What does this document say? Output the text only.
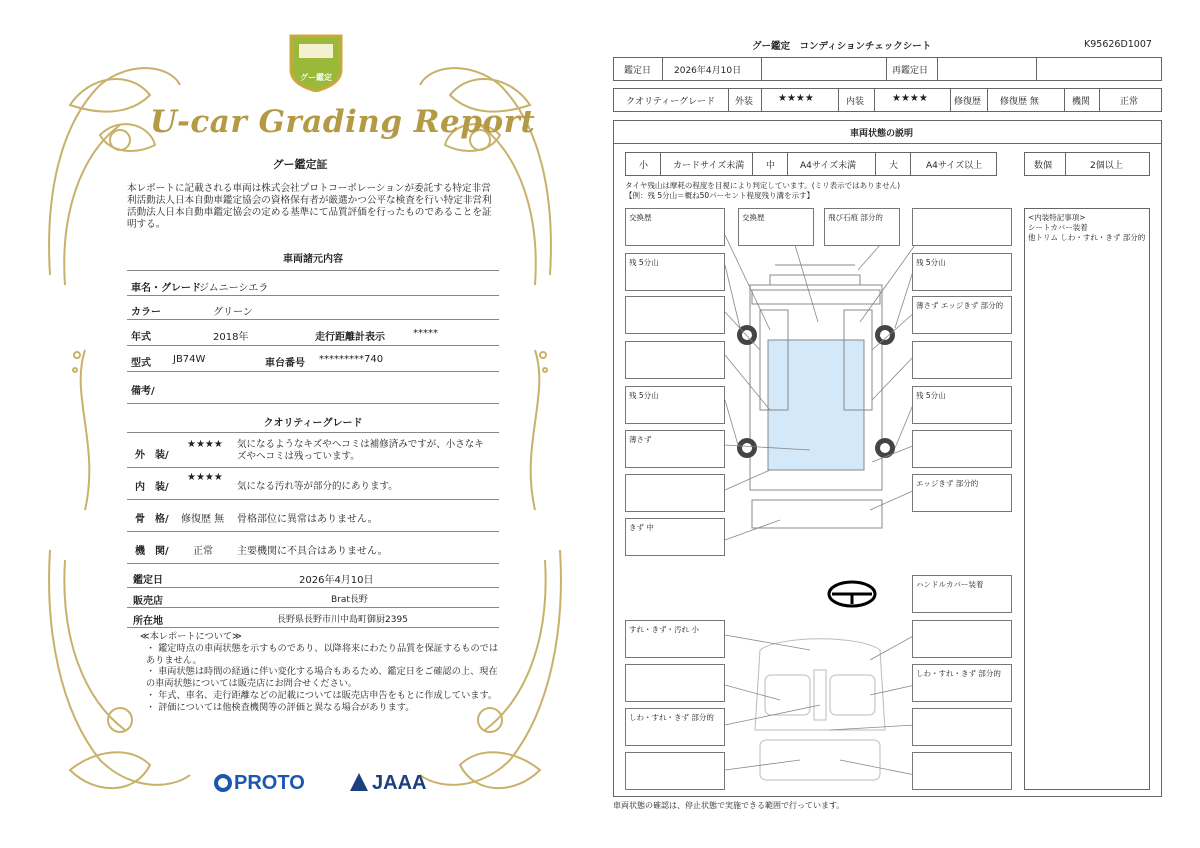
グー鑑定
U-car Grading Report
グー鑑定証
本レポートに記載される車両は株式会社プロトコーポレーションが委託する特定非営利活動法人日本自動車鑑定協会の資格保有者が厳選かつ公平な検査を行い特定非営利活動法人日本自動車鑑定協会の定める基準にて品質評価を行ったものであることを証明する。
車両諸元内容
車名・グレード
ジムニーシエラ
カラー	グリーン
年式	2018年	走行距離計表示	*****
型式 JB74W	車台番号 *********740
備考/
クオリティーグレード
外　装/
★★★★ 気になるようなキズやヘコミは補修済みですが、小さなキズやヘコミは残っています。
内　装/
★★★★
気になる汚れ等が部分的にあります。
骨　格/ 修復歴 無 骨格部位に異常はありません。
機　関/ 正常 主要機関に不具合はありません。
鑑定日	2026年4月10日
販売店	Brat長野
所在地	長野県長野市川中島町御厨2395
≪本レポートについて≫
・ 鑑定時点の車両状態を示すものであり、以降将来にわたり品質を保証するものではありません。
・ 車両状態は時間の経過に伴い変化する場合もあるため、鑑定日をご確認の上、現在の車両状態については販売店にお問合せください。
・ 年式、車名、走行距離などの記載については販売店申告をもとに作成しています。
・ 評価については他検査機関等の評価と異なる場合があります。
PROTO	JAAA
グー鑑定　コンディションチェックシート	K95626D1007
鑑定日	2026年4月10日	再鑑定日
クオリティーグレード 外装 ★★★★	内装	★★★★	修復歴 修復歴 無	機関	正常
車両状態の説明
小	カードサイズ未満 中	A4サイズ未満	大	A4サイズ以上	数個	2個以上
タイヤ残山は摩耗の程度を目視により判定しています。(ミリ表示ではありません)
【例：残 5分山＝概ね50パーセント程度残り溝を示す】
交換歴
残 5分山
残 5分山
薄さず
きず 中
すれ・きず・汚れ 小
しわ・すれ・きず 部分的
交換歴	飛び石痕 部分的
残 5分山
薄さず エッジきず 部分的
残 5分山
エッジきず 部分的
ハンドルカバー装着
しわ・すれ・きず 部分的
<内装特記事項>
シートカバー装着
他トリム しわ・すれ・きず 部分的
車両状態の確認は、停止状態で実施できる範囲で行っています。
